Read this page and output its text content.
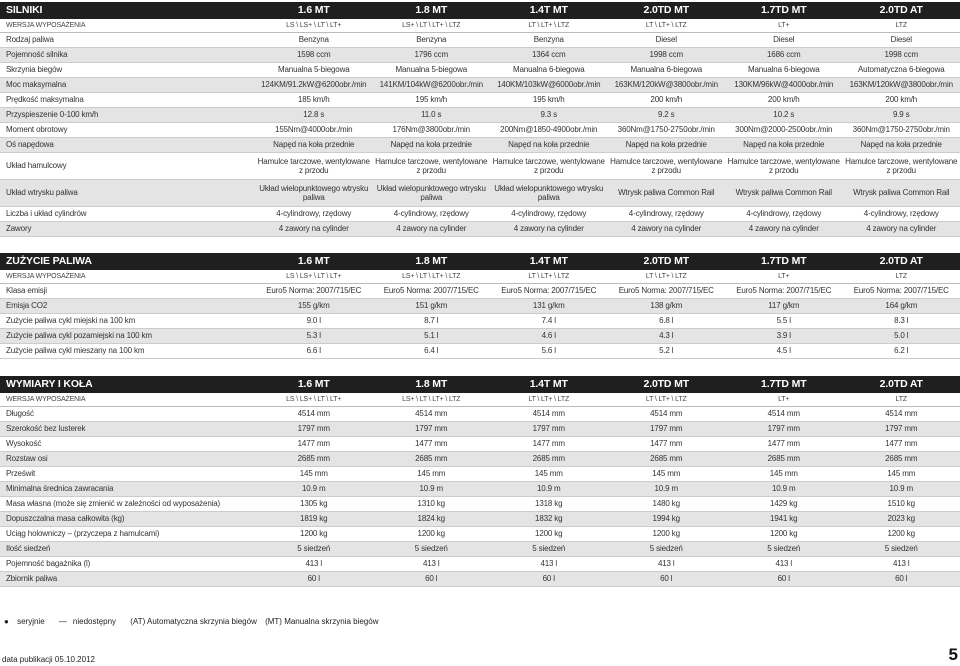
SILNIKI	1.6 MT	1.8 MT	1.4T MT	2.0TD MT	1.7TD MT	2.0TD AT
WERSJA WYPOSAŻENIA	LS \ LS+ \ LT \ LT+	LS+ \ LT \ LT+ \ LTZ	LT \ LT+ \ LTZ	LT \ LT+ \ LTZ	LT+	LTZ
Rodzaj paliwa	Benzyna	Benzyna	Benzyna	Diesel	Diesel	Diesel
Pojemność silnika	1598 ccm	1796 ccm	1364 ccm	1998 ccm	1686 ccm	1998 ccm
Skrzynia biegów	Manualna 5-biegowa	Manualna 5-biegowa	Manualna 6-biegowa	Manualna 6-biegowa	Manualna 6-biegowa	Automatyczna 6-biegowa
Moc maksymalna	124KM/91.2kW@6200obr./min	141KM/104kW@6200obr./min	140KM/103kW@6000obr./min	163KM/120kW@3800obr./min	130KM/96kW@4000obr./min	163KM/120kW@3800obr./min
Prędkość maksymalna	185 km/h	195 km/h	195 km/h	200 km/h	200 km/h	200 km/h
Przyspieszenie 0-100 km/h	12.8 s	11.0 s	9.3 s	9.2 s	10.2 s	9.9 s
Moment obrotowy	155Nm@4000obr./min	176Nm@3800obr./min	200Nm@1850-4900obr./min	360Nm@1750-2750obr./min	300Nm@2000-2500obr./min	360Nm@1750-2750obr./min
Oś napędowa	Napęd na koła przednie	Napęd na koła przednie	Napęd na koła przednie	Napęd na koła przednie	Napęd na koła przednie	Napęd na koła przednie
Układ hamulcowy	Hamulce tarczowe, wentylowane z przodu	Hamulce tarczowe, wentylowane z przodu	Hamulce tarczowe, wentylowane z przodu	Hamulce tarczowe, wentylowane z przodu	Hamulce tarczowe, wentylowane z przodu	Hamulce tarczowe, wentylowane z przodu
Układ wtrysku paliwa	Układ wielopunktowego wtrysku paliwa	Układ wielopunktowego wtrysku paliwa	Układ wielopunktowego wtrysku paliwa	Wtrysk paliwa Common Rail	Wtrysk paliwa Common Rail	Wtrysk paliwa Common Rail
Liczba i układ cylindrów	4-cylindrowy, rzędowy	4-cylindrowy, rzędowy	4-cylindrowy, rzędowy	4-cylindrowy, rzędowy	4-cylindrowy, rzędowy	4-cylindrowy, rzędowy
Zawory	4 zawory na cylinder	4 zawory na cylinder	4 zawory na cylinder	4 zawory na cylinder	4 zawory na cylinder	4 zawory na cylinder
ZUŻYCIE PALIWA	1.6 MT	1.8 MT	1.4T MT	2.0TD MT	1.7TD MT	2.0TD AT
WERSJA WYPOSAŻENIA	LS \ LS+ \ LT \ LT+	LS+ \ LT \ LT+ \ LTZ	LT \ LT+ \ LTZ	LT \ LT+ \ LTZ	LT+	LTZ
Klasa emisji	Euro5 Norma: 2007/715/EC	Euro5 Norma: 2007/715/EC	Euro5 Norma: 2007/715/EC	Euro5 Norma: 2007/715/EC	Euro5 Norma: 2007/715/EC	Euro5 Norma: 2007/715/EC
Emisja CO2	155 g/km	151 g/km	131 g/km	138 g/km	117 g/km	164 g/km
Zużycie paliwa cykl miejski na 100 km	9.0 l	8.7 l	7.4 l	6.8 l	5.5 l	8.3 l
Zużycie paliwa cykl pozamiejski na 100 km	5.3 l	5.1 l	4.6 l	4.3 l	3.9 l	5.0 l
Zużycie paliwa cykl mieszany na 100 km	6.6 l	6.4 l	5.6 l	5.2 l	4.5 l	6.2 l
WYMIARY I KOŁA	1.6 MT	1.8 MT	1.4T MT	2.0TD MT	1.7TD MT	2.0TD AT
WERSJA WYPOSAŻENIA	LS \ LS+ \ LT \ LT+	LS+ \ LT \ LT+ \ LTZ	LT \ LT+ \ LTZ	LT \ LT+ \ LTZ	LT+	LTZ
Długość	4514 mm	4514 mm	4514 mm	4514 mm	4514 mm	4514 mm
Szerokość bez lusterek	1797 mm	1797 mm	1797 mm	1797 mm	1797 mm	1797 mm
Wysokość	1477 mm	1477 mm	1477 mm	1477 mm	1477 mm	1477 mm
Rozstaw osi	2685 mm	2685 mm	2685 mm	2685 mm	2685 mm	2685 mm
Prześwit	145 mm	145 mm	145 mm	145 mm	145 mm	145 mm
Minimalna średnica zawracania	10.9 m	10.9 m	10.9 m	10.9 m	10.9 m	10.9 m
Masa własna (może się zmienić w zależności od wyposażenia)	1305 kg	1310 kg	1318 kg	1480 kg	1429 kg	1510 kg
Dopuszczalna masa całkowita (kg)	1819 kg	1824 kg	1832 kg	1994 kg	1941 kg	2023 kg
Uciąg holowniczy – (przyczepa z hamulcami)	1200 kg	1200 kg	1200 kg	1200 kg	1200 kg	1200 kg
Ilość siedzeń	5 siedzeń	5 siedzeń	5 siedzeń	5 siedzeń	5 siedzeń	5 siedzeń
Pojemność bagażnika (l)	413 l	413 l	413 l	413 l	413 l	413 l
Zbiornik paliwa	60 l	60 l	60 l	60 l	60 l	60 l
● seryjnie — niedostępny (AT) Automatyczna skrzynia biegów (MT) Manualna skrzynia biegów
data publikacji 05.10.2012	5
